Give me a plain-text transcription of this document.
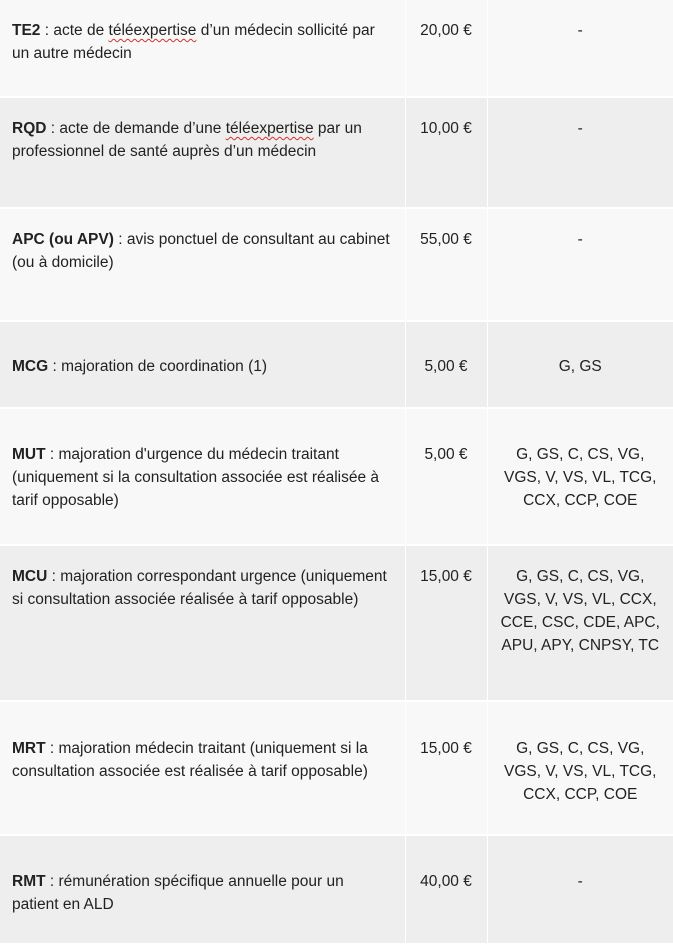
TE2 : acte de téléexpertise d’un médecin sollicité par un autre médecin	20,00 €	-
RQD : acte de demande d’une téléexpertise par un professionnel de santé auprès d’un médecin	10,00 €	-
APC (ou APV) : avis ponctuel de consultant au cabinet (ou à domicile)	55,00 €	-
MCG : majoration de coordination (1)	5,00 €	G, GS
MUT : majoration d'urgence du médecin traitant (uniquement si la consultation associée est réalisée à tarif opposable)	5,00 €	G, GS, C, CS, VG, VGS, V, VS, VL, TCG, CCX, CCP, COE
MCU : majoration correspondant urgence (uniquement si consultation associée réalisée à tarif opposable)	15,00 €	G, GS, C, CS, VG, VGS, V, VS, VL, CCX, CCE, CSC, CDE, APC, APU, APY, CNPSY, TC
MRT : majoration médecin traitant (uniquement si la consultation associée est réalisée à tarif opposable)	15,00 €	G, GS, C, CS, VG, VGS, V, VS, VL, TCG, CCX, CCP, COE
RMT : rémunération spécifique annuelle pour un patient en ALD	40,00 €	-
